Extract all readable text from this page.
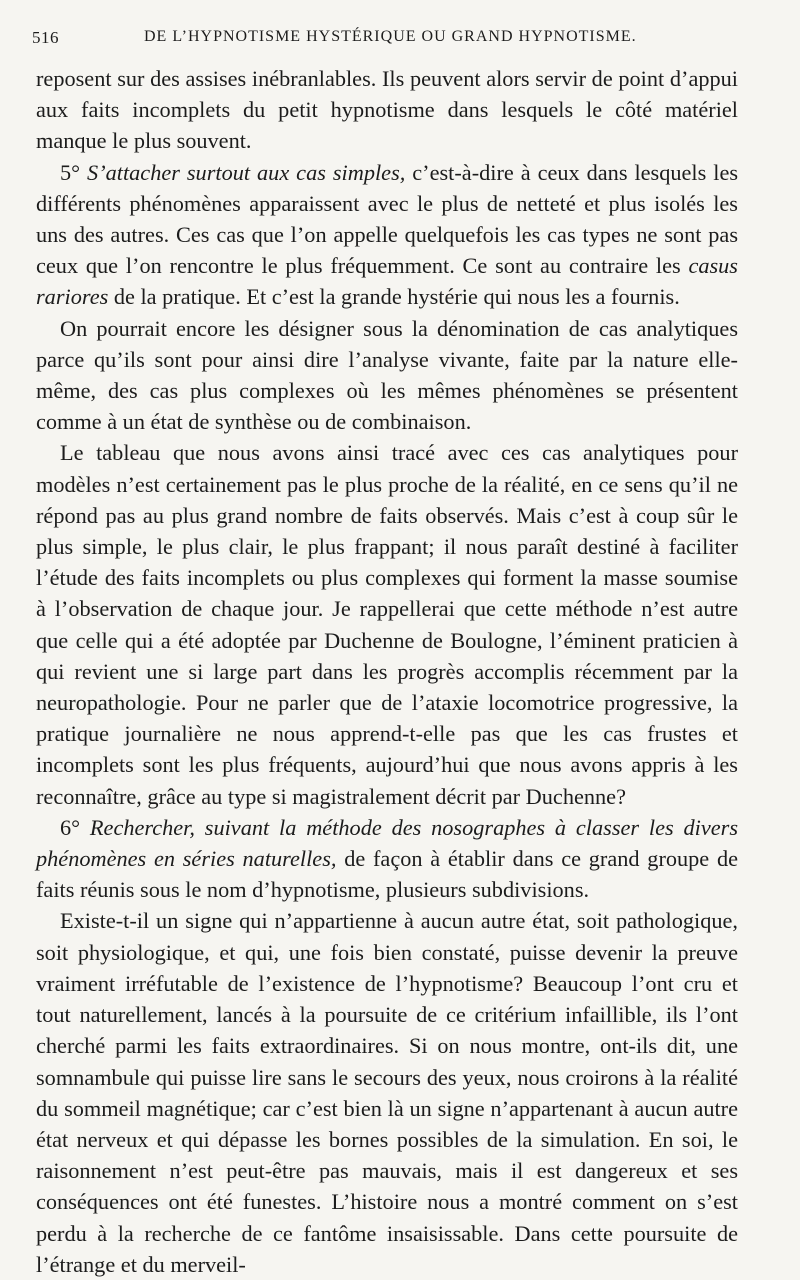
516	DE L’HYPNOTISME HYSTÉRIQUE OU GRAND HYPNOTISME.

reposent sur des assises inébranlables. Ils peuvent alors servir de point d’appui aux faits incomplets du petit hypnotisme dans lesquels le côté matériel manque le plus souvent.

5° S’attacher surtout aux cas simples, c’est-à-dire à ceux dans lesquels les différents phénomènes apparaissent avec le plus de netteté et plus isolés les uns des autres. Ces cas que l’on appelle quelquefois les cas types ne sont pas ceux que l’on rencontre le plus fréquemment. Ce sont au contraire les casus rariores de la pratique. Et c’est la grande hystérie qui nous les a fournis.

On pourrait encore les désigner sous la dénomination de cas analytiques parce qu’ils sont pour ainsi dire l’analyse vivante, faite par la nature elle-même, des cas plus complexes où les mêmes phénomènes se présentent comme à un état de synthèse ou de combinaison.

Le tableau que nous avons ainsi tracé avec ces cas analytiques pour modèles n’est certainement pas le plus proche de la réalité, en ce sens qu’il ne répond pas au plus grand nombre de faits observés. Mais c’est à coup sûr le plus simple, le plus clair, le plus frappant; il nous paraît destiné à faciliter l’étude des faits incomplets ou plus complexes qui forment la masse soumise à l’observation de chaque jour. Je rappellerai que cette méthode n’est autre que celle qui a été adoptée par Duchenne de Boulogne, l’éminent praticien à qui revient une si large part dans les progrès accomplis récemment par la neuropathologie. Pour ne parler que de l’ataxie locomotrice progressive, la pratique journalière ne nous apprend-t-elle pas que les cas frustes et incomplets sont les plus fréquents, aujourd’hui que nous avons appris à les reconnaître, grâce au type si magistralement décrit par Duchenne?

6° Rechercher, suivant la méthode des nosographes à classer les divers phénomènes en séries naturelles, de façon à établir dans ce grand groupe de faits réunis sous le nom d’hypnotisme, plusieurs subdivisions.

Existe-t-il un signe qui n’appartienne à aucun autre état, soit pathologique, soit physiologique, et qui, une fois bien constaté, puisse devenir la preuve vraiment irréfutable de l’existence de l’hypnotisme? Beaucoup l’ont cru et tout naturellement, lancés à la poursuite de ce critérium infaillible, ils l’ont cherché parmi les faits extraordinaires. Si on nous montre, ont-ils dit, une somnambule qui puisse lire sans le secours des yeux, nous croirons à la réalité du sommeil magnétique; car c’est bien là un signe n’appartenant à aucun autre état nerveux et qui dépasse les bornes possibles de la simulation. En soi, le raisonnement n’est peut-être pas mauvais, mais il est dangereux et ses conséquences ont été funestes. L’histoire nous a montré comment on s’est perdu à la recherche de ce fantôme insaisissable. Dans cette poursuite de l’étrange et du merveil-
